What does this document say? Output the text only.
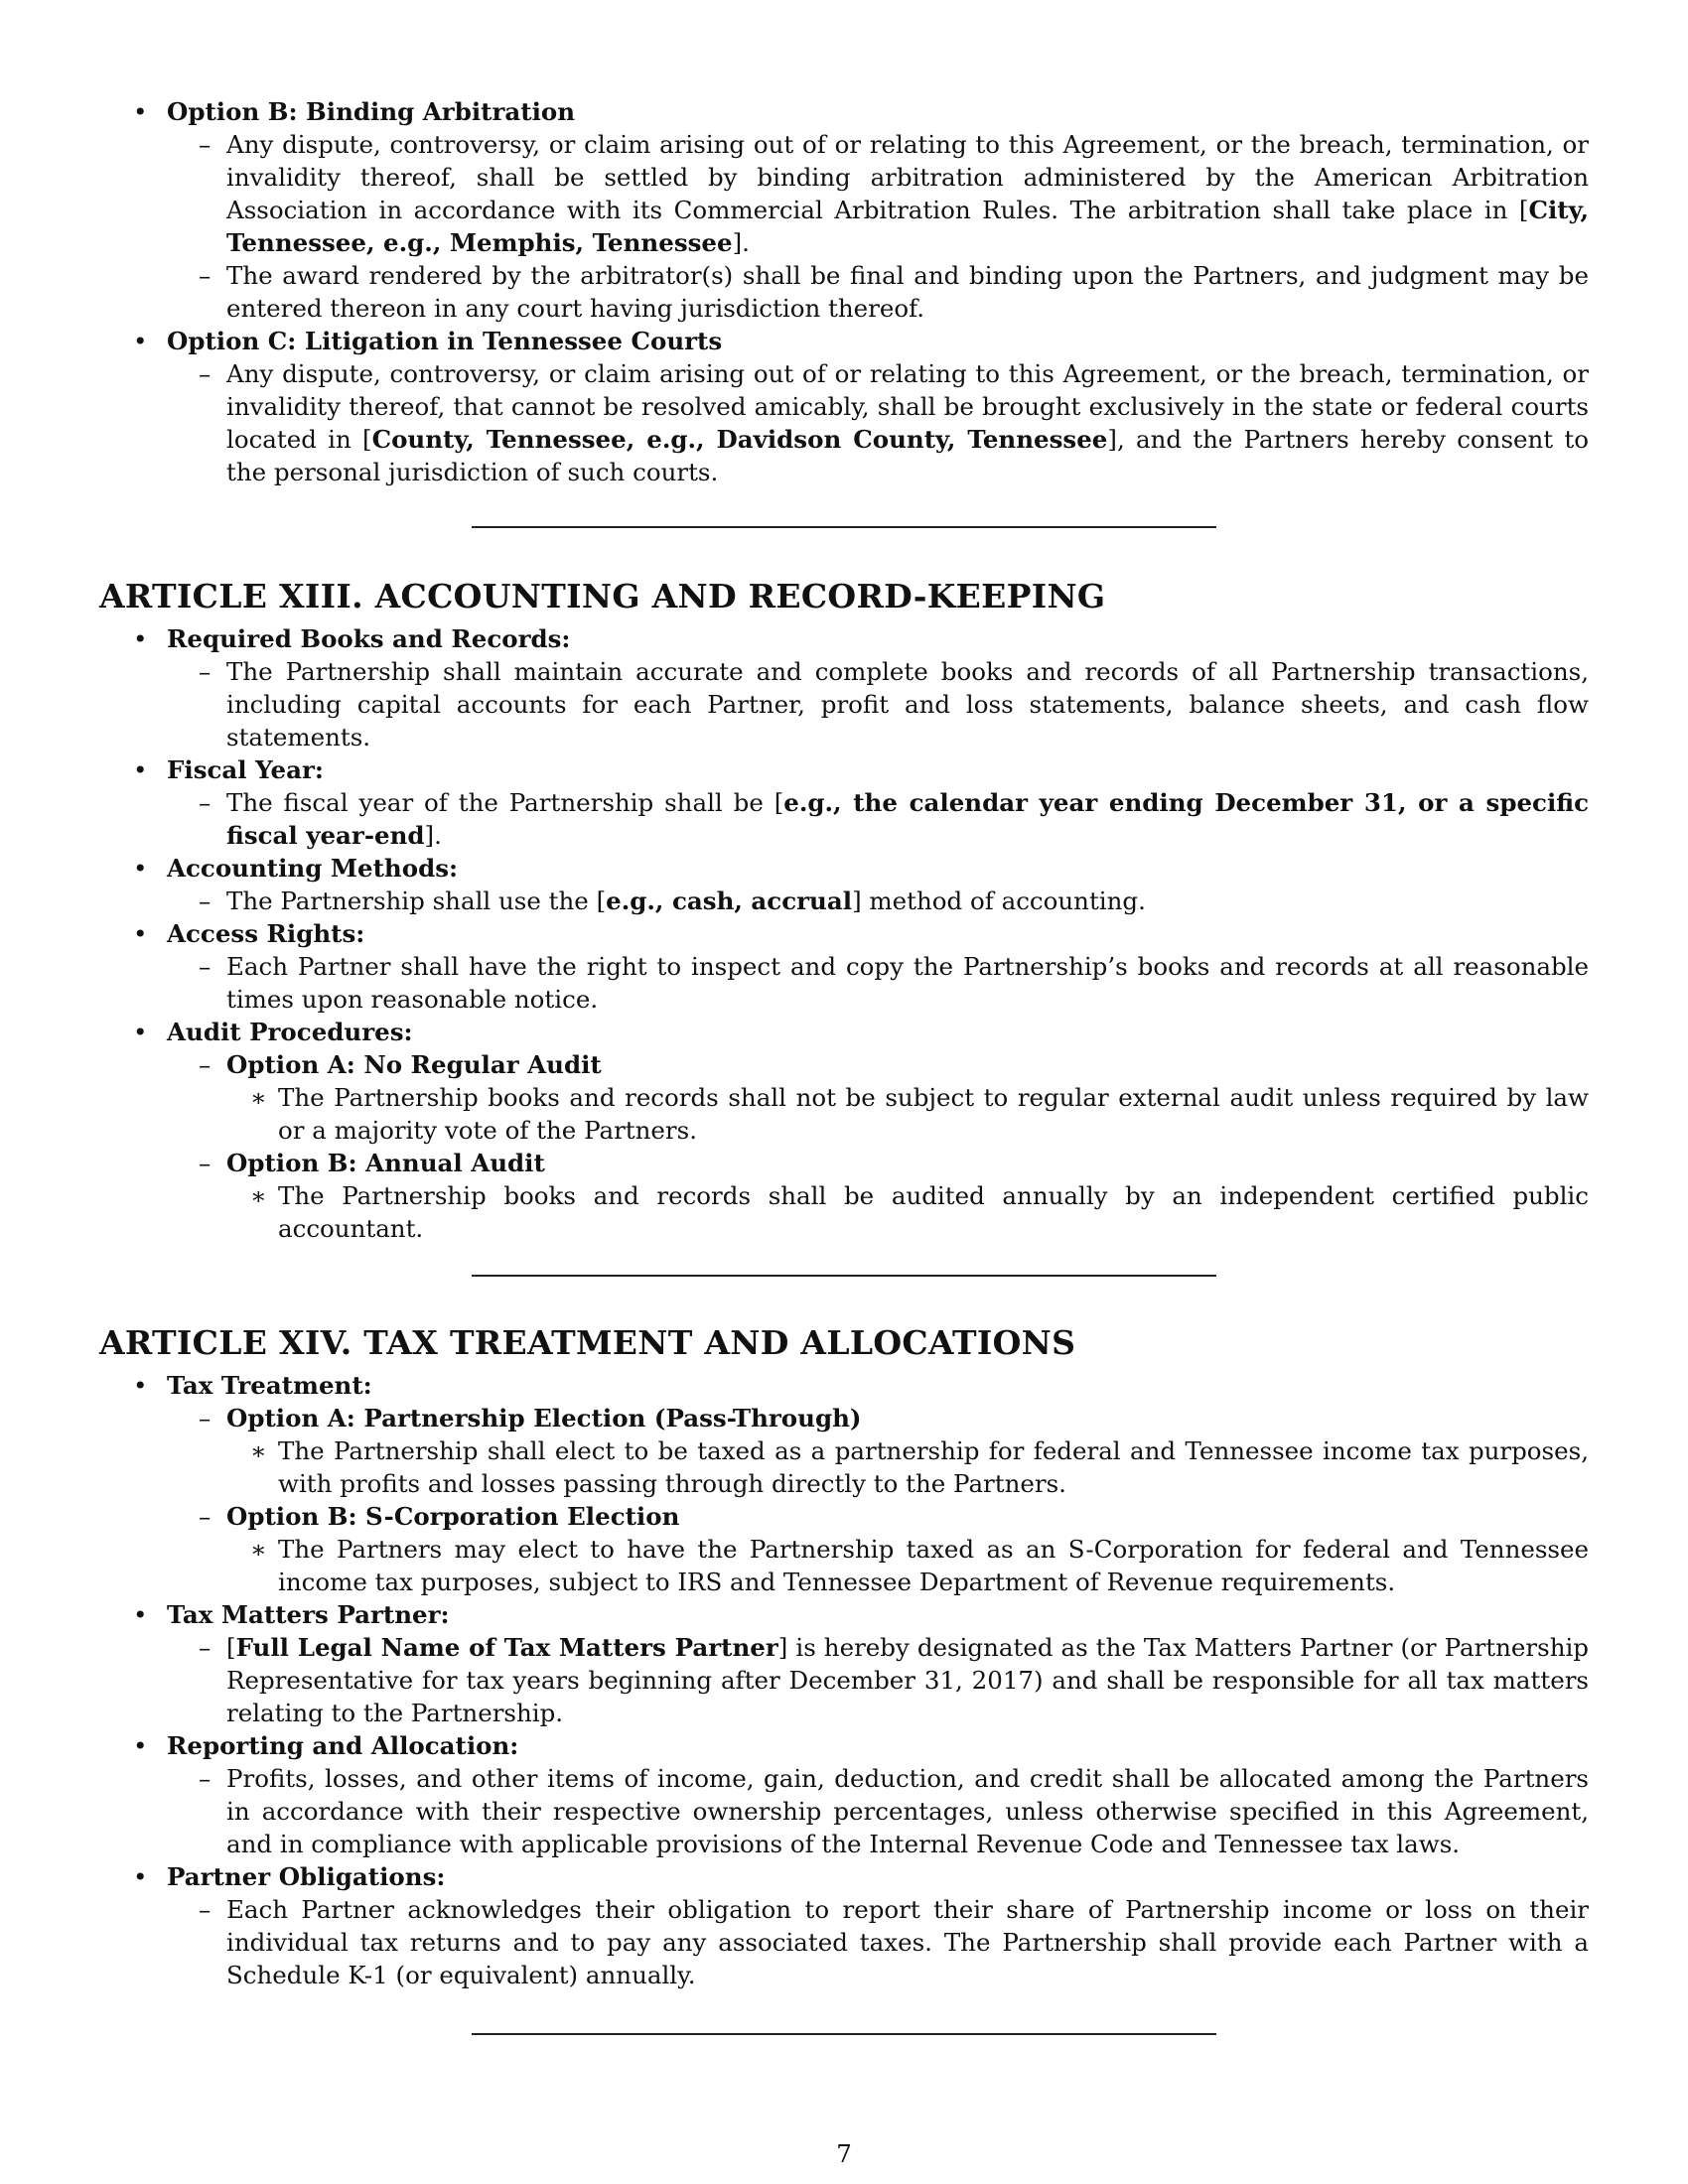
• Option B: Binding Arbitration
– Any dispute, controversy, or claim arising out of or relating to this Agreement, or the breach, termination, or invalidity thereof, shall be settled by binding arbitration administered by the American Arbitration Association in accordance with its Commercial Arbitration Rules. The arbitration shall take place in [City, Tennessee, e.g., Memphis, Tennessee].
– The award rendered by the arbitrator(s) shall be final and binding upon the Partners, and judgment may be entered thereon in any court having jurisdiction thereof.
• Option C: Litigation in Tennessee Courts
– Any dispute, controversy, or claim arising out of or relating to this Agreement, or the breach, termination, or invalidity thereof, that cannot be resolved amicably, shall be brought exclusively in the state or federal courts located in [County, Tennessee, e.g., Davidson County, Tennessee], and the Partners hereby consent to the personal jurisdiction of such courts.
ARTICLE XIII. ACCOUNTING AND RECORD-KEEPING
• Required Books and Records:
– The Partnership shall maintain accurate and complete books and records of all Partnership transactions, including capital accounts for each Partner, profit and loss statements, balance sheets, and cash flow statements.
• Fiscal Year:
– The fiscal year of the Partnership shall be [e.g., the calendar year ending December 31, or a specific fiscal year-end].
• Accounting Methods:
– The Partnership shall use the [e.g., cash, accrual] method of accounting.
• Access Rights:
– Each Partner shall have the right to inspect and copy the Partnership’s books and records at all reasonable times upon reasonable notice.
• Audit Procedures:
– Option A: No Regular Audit
∗ The Partnership books and records shall not be subject to regular external audit unless required by law or a majority vote of the Partners.
– Option B: Annual Audit
∗ The Partnership books and records shall be audited annually by an independent certified public accountant.
ARTICLE XIV. TAX TREATMENT AND ALLOCATIONS
• Tax Treatment:
– Option A: Partnership Election (Pass-Through)
∗ The Partnership shall elect to be taxed as a partnership for federal and Tennessee income tax purposes, with profits and losses passing through directly to the Partners.
– Option B: S-Corporation Election
∗ The Partners may elect to have the Partnership taxed as an S-Corporation for federal and Tennessee income tax purposes, subject to IRS and Tennessee Department of Revenue requirements.
• Tax Matters Partner:
– [Full Legal Name of Tax Matters Partner] is hereby designated as the Tax Matters Partner (or Partnership Representative for tax years beginning after December 31, 2017) and shall be responsible for all tax matters relating to the Partnership.
• Reporting and Allocation:
– Profits, losses, and other items of income, gain, deduction, and credit shall be allocated among the Partners in accordance with their respective ownership percentages, unless otherwise specified in this Agreement, and in compliance with applicable provisions of the Internal Revenue Code and Tennessee tax laws.
• Partner Obligations:
– Each Partner acknowledges their obligation to report their share of Partnership income or loss on their individual tax returns and to pay any associated taxes. The Partnership shall provide each Partner with a Schedule K-1 (or equivalent) annually.
7
